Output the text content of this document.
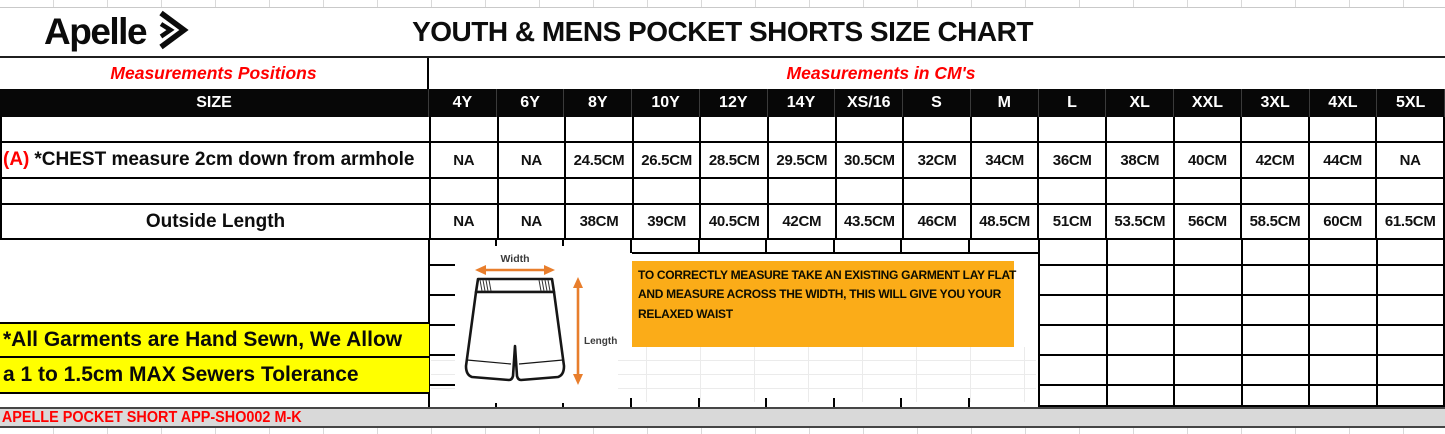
Apelle	YOUTH & MENS POCKET SHORTS SIZE CHART
Measurements Positions	Measurements in CM's
SIZE	4Y	6Y	8Y	10Y	12Y	14Y	XS/16	S	M	L	XL	XXL	3XL	4XL	5XL
(A) *CHEST measure 2cm down from armhole	NA	NA	24.5CM	26.5CM	28.5CM	29.5CM	30.5CM	32CM	34CM	36CM	38CM	40CM	42CM	44CM	NA
Outside Length	NA	NA	38CM	39CM	40.5CM	42CM	43.5CM	46CM	48.5CM	51CM	53.5CM	56CM	58.5CM	60CM	61.5CM
Width
Length
TO CORRECTLY MEASURE TAKE AN EXISTING GARMENT LAY FLAT
AND MEASURE ACROSS THE WIDTH, THIS WILL GIVE YOU YOUR
RELAXED WAIST
*All Garments are Hand Sewn, We Allow
a 1 to 1.5cm MAX Sewers Tolerance
APELLE POCKET SHORT APP-SHO002 M-K
